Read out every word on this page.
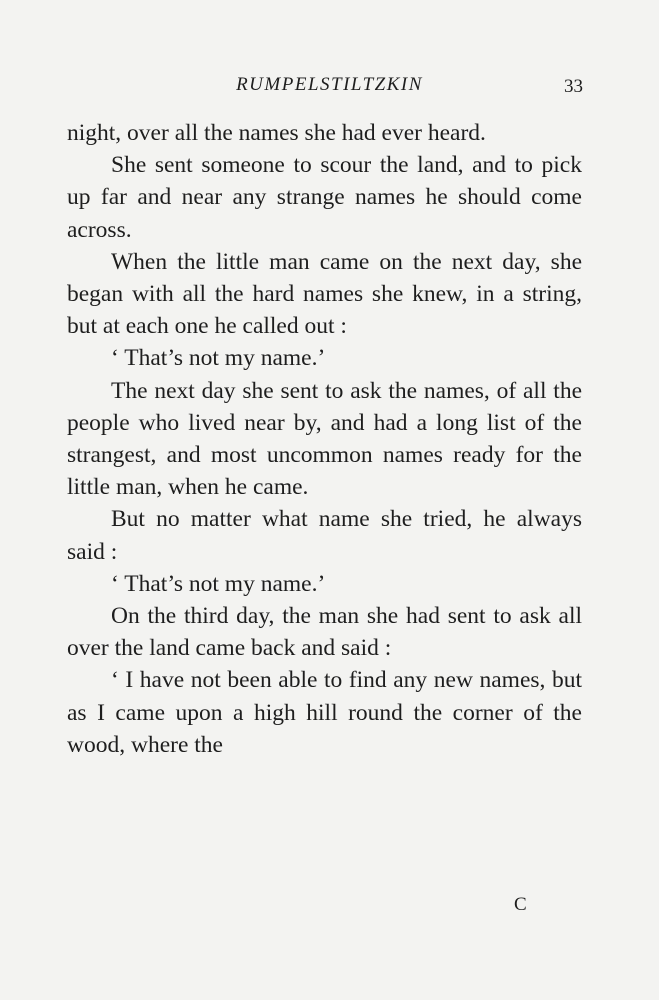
RUMPELSTILTZKIN	33

night, over all the names she had ever heard.

She sent someone to scour the land, and to pick up far and near any strange names he should come across.

When the little man came on the next day, she began with all the hard names she knew, in a string, but at each one he called out :

‘ That’s not my name.’

The next day she sent to ask the names, of all the people who lived near by, and had a long list of the strangest, and most uncommon names ready for the little man, when he came.

But no matter what name she tried, he always said :

‘ That’s not my name.’

On the third day, the man she had sent to ask all over the land came back and said :

‘ I have not been able to find any new names, but as I came upon a high hill round the corner of the wood, where the

C
